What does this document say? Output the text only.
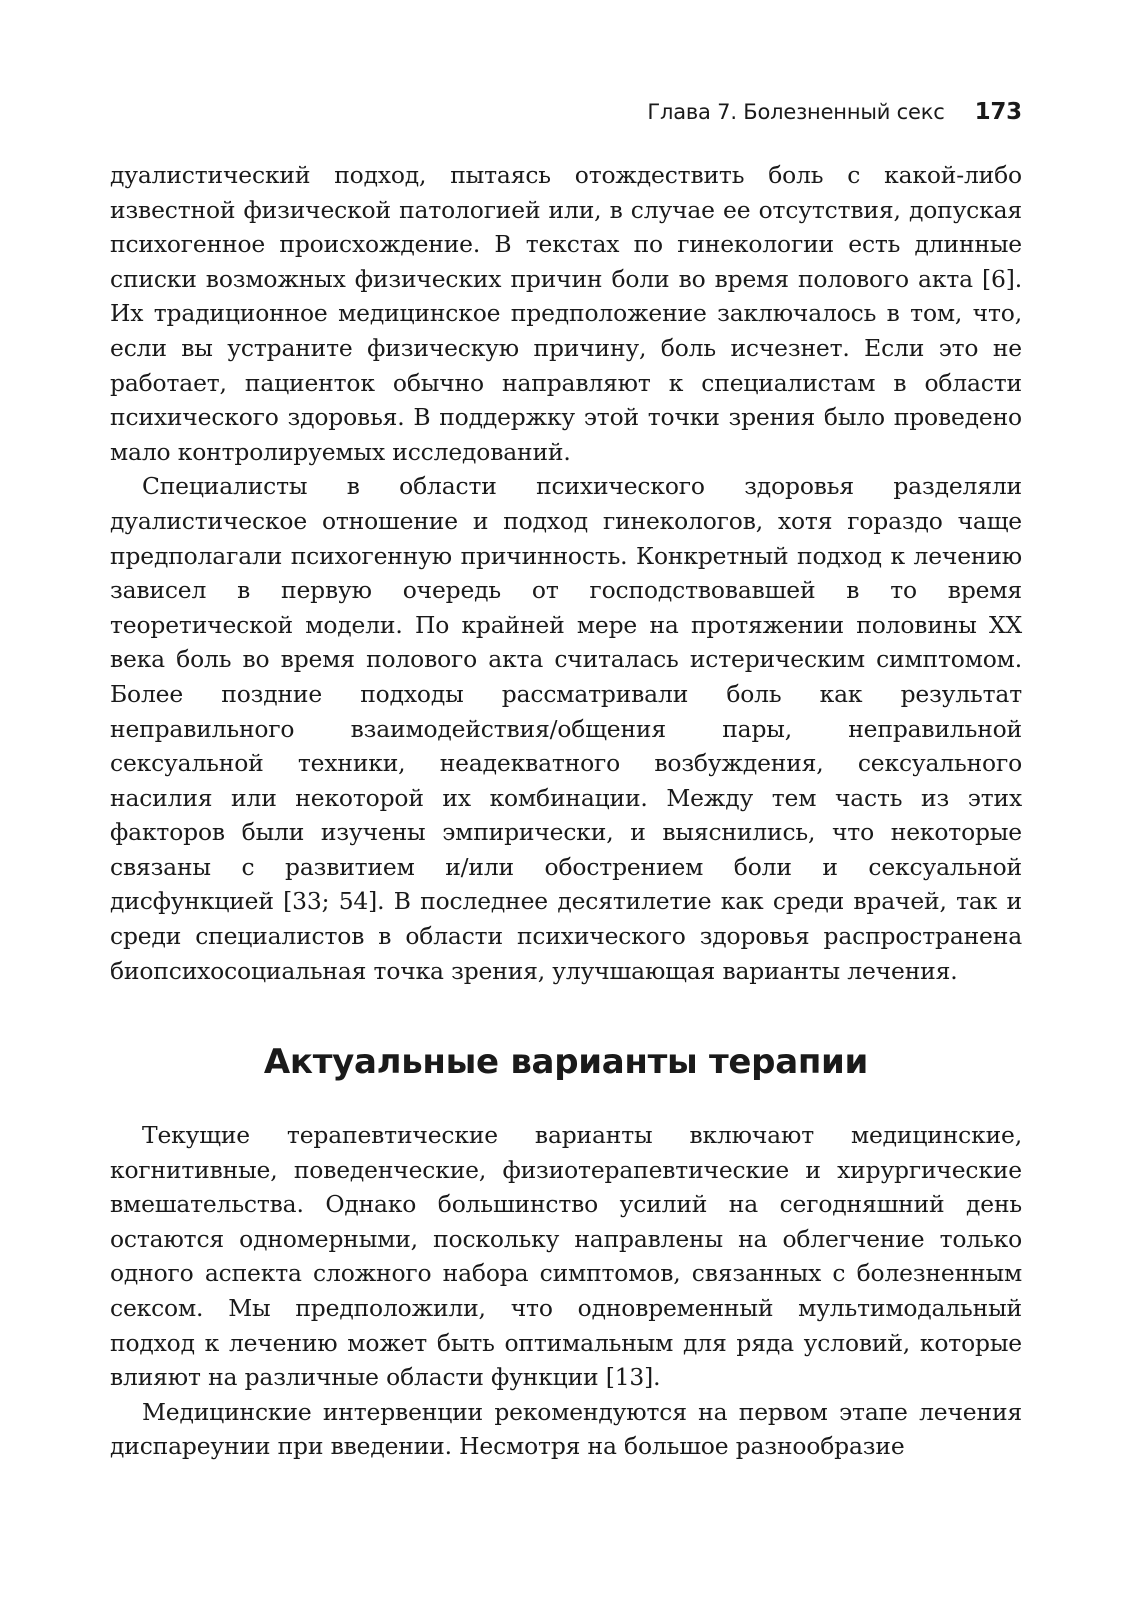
Глава 7. Болезненный секс 173

дуалистический подход, пытаясь отождествить боль с какой-либо известной физической патологией или, в случае ее отсутствия, допуская психогенное происхождение. В текстах по гинекологии есть длинные списки возможных физических причин боли во время полового акта [6]. Их традиционное медицинское предположение заключалось в том, что, если вы устраните физическую причину, боль исчезнет. Если это не работает, пациенток обычно направляют к специалистам в области психического здоровья. В поддержку этой точки зрения было проведено мало контролируемых исследований.

Специалисты в области психического здоровья разделяли дуалистическое отношение и подход гинекологов, хотя гораздо чаще предполагали психогенную причинность. Конкретный подход к лечению зависел в первую очередь от господствовавшей в то время теоретической модели. По крайней мере на протяжении половины XX века боль во время полового акта считалась истерическим симптомом. Более поздние подходы рассматривали боль как результат неправильного взаимодействия/общения пары, неправильной сексуальной техники, неадекватного возбуждения, сексуального насилия или некоторой их комбинации. Между тем часть из этих факторов были изучены эмпирически, и выяснились, что некоторые связаны с развитием и/или обострением боли и сексуальной дисфункцией [33; 54]. В последнее десятилетие как среди врачей, так и среди специалистов в области психического здоровья распространена биопсихосоциальная точка зрения, улучшающая варианты лечения.

Актуальные варианты терапии

Текущие терапевтические варианты включают медицинские, когнитивные, поведенческие, физиотерапевтические и хирургические вмешательства. Однако большинство усилий на сегодняшний день остаются одномерными, поскольку направлены на облегчение только одного аспекта сложного набора симптомов, связанных с болезненным сексом. Мы предположили, что одновременный мультимодальный подход к лечению может быть оптимальным для ряда условий, которые влияют на различные области функции [13].

Медицинские интервенции рекомендуются на первом этапе лечения диспареунии при введении. Несмотря на большое разнообразие
